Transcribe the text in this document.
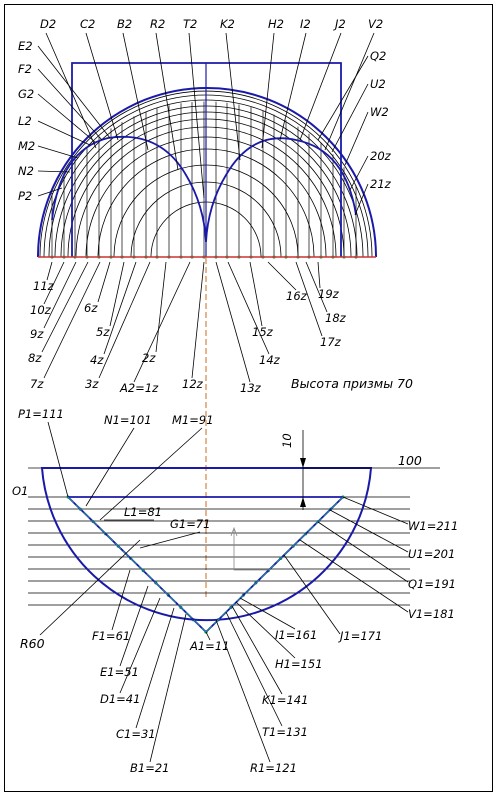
D2 C2 B2 R2 T2 K2	H2 I2 J2 V2
E2
F2
G2
L2
M2
N2
P2
Q2
U2
W2
20z
21z
11z
10z
9z
8z
7z
6z
5z
4z
3z
2z
A2=1z 12z	13z
14z
15z
16z
17z
18z
19z
Высота призмы 70
10
100
O1
P1=111	N1=101 M1=91
L1=81
G1=71	W1=211
U1=201
Q1=191
V1=181
J1=171
F1=61
E1=51
D1=41
C1=31
B1=21
A1=11
I1=161
H1=151
K1=141
T1=131
R1=121
R60
